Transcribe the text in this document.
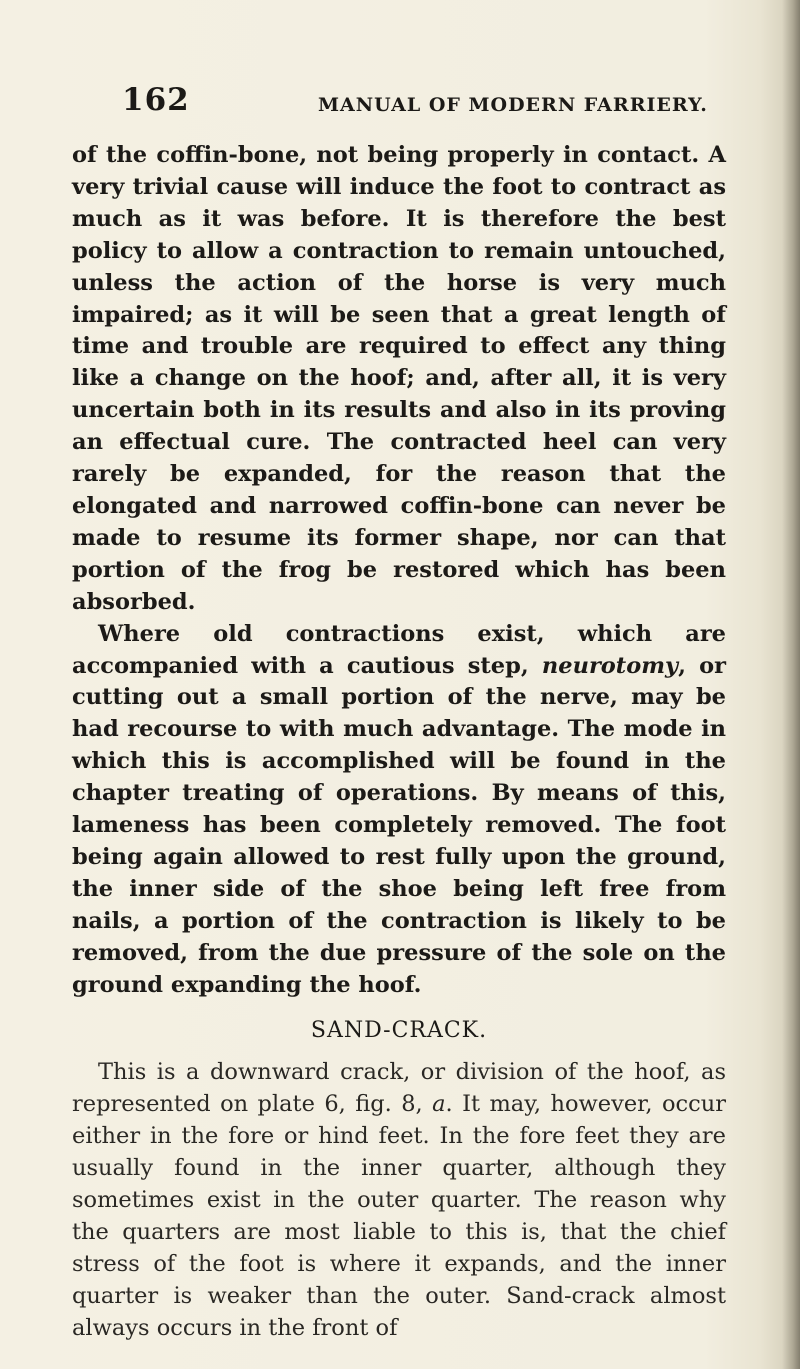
162	MANUAL OF MODERN FARRIERY.

of the coffin-bone, not being properly in contact. A very trivial cause will induce the foot to contract as much as it was before. It is therefore the best policy to allow a contraction to remain untouched, unless the action of the horse is very much impaired; as it will be seen that a great length of time and trouble are required to effect any thing like a change on the hoof; and, after all, it is very uncertain both in its results and also in its proving an effectual cure. The contracted heel can very rarely be expanded, for the reason that the elongated and narrowed coffin-bone can never be made to resume its former shape, nor can that portion of the frog be restored which has been absorbed.

Where old contractions exist, which are accompanied with a cautious step, neurotomy, or cutting out a small portion of the nerve, may be had recourse to with much advantage. The mode in which this is accomplished will be found in the chapter treating of operations. By means of this, lameness has been completely removed. The foot being again allowed to rest fully upon the ground, the inner side of the shoe being left free from nails, a portion of the contraction is likely to be removed, from the due pressure of the sole on the ground expanding the hoof.

SAND-CRACK.

This is a downward crack, or division of the hoof, as represented on plate 6, fig. 8, a. It may, however, occur either in the fore or hind feet. In the fore feet they are usually found in the inner quarter, although they sometimes exist in the outer quarter. The reason why the quarters are most liable to this is, that the chief stress of the foot is where it expands, and the inner quarter is weaker than the outer. Sand-crack almost always occurs in the front of
